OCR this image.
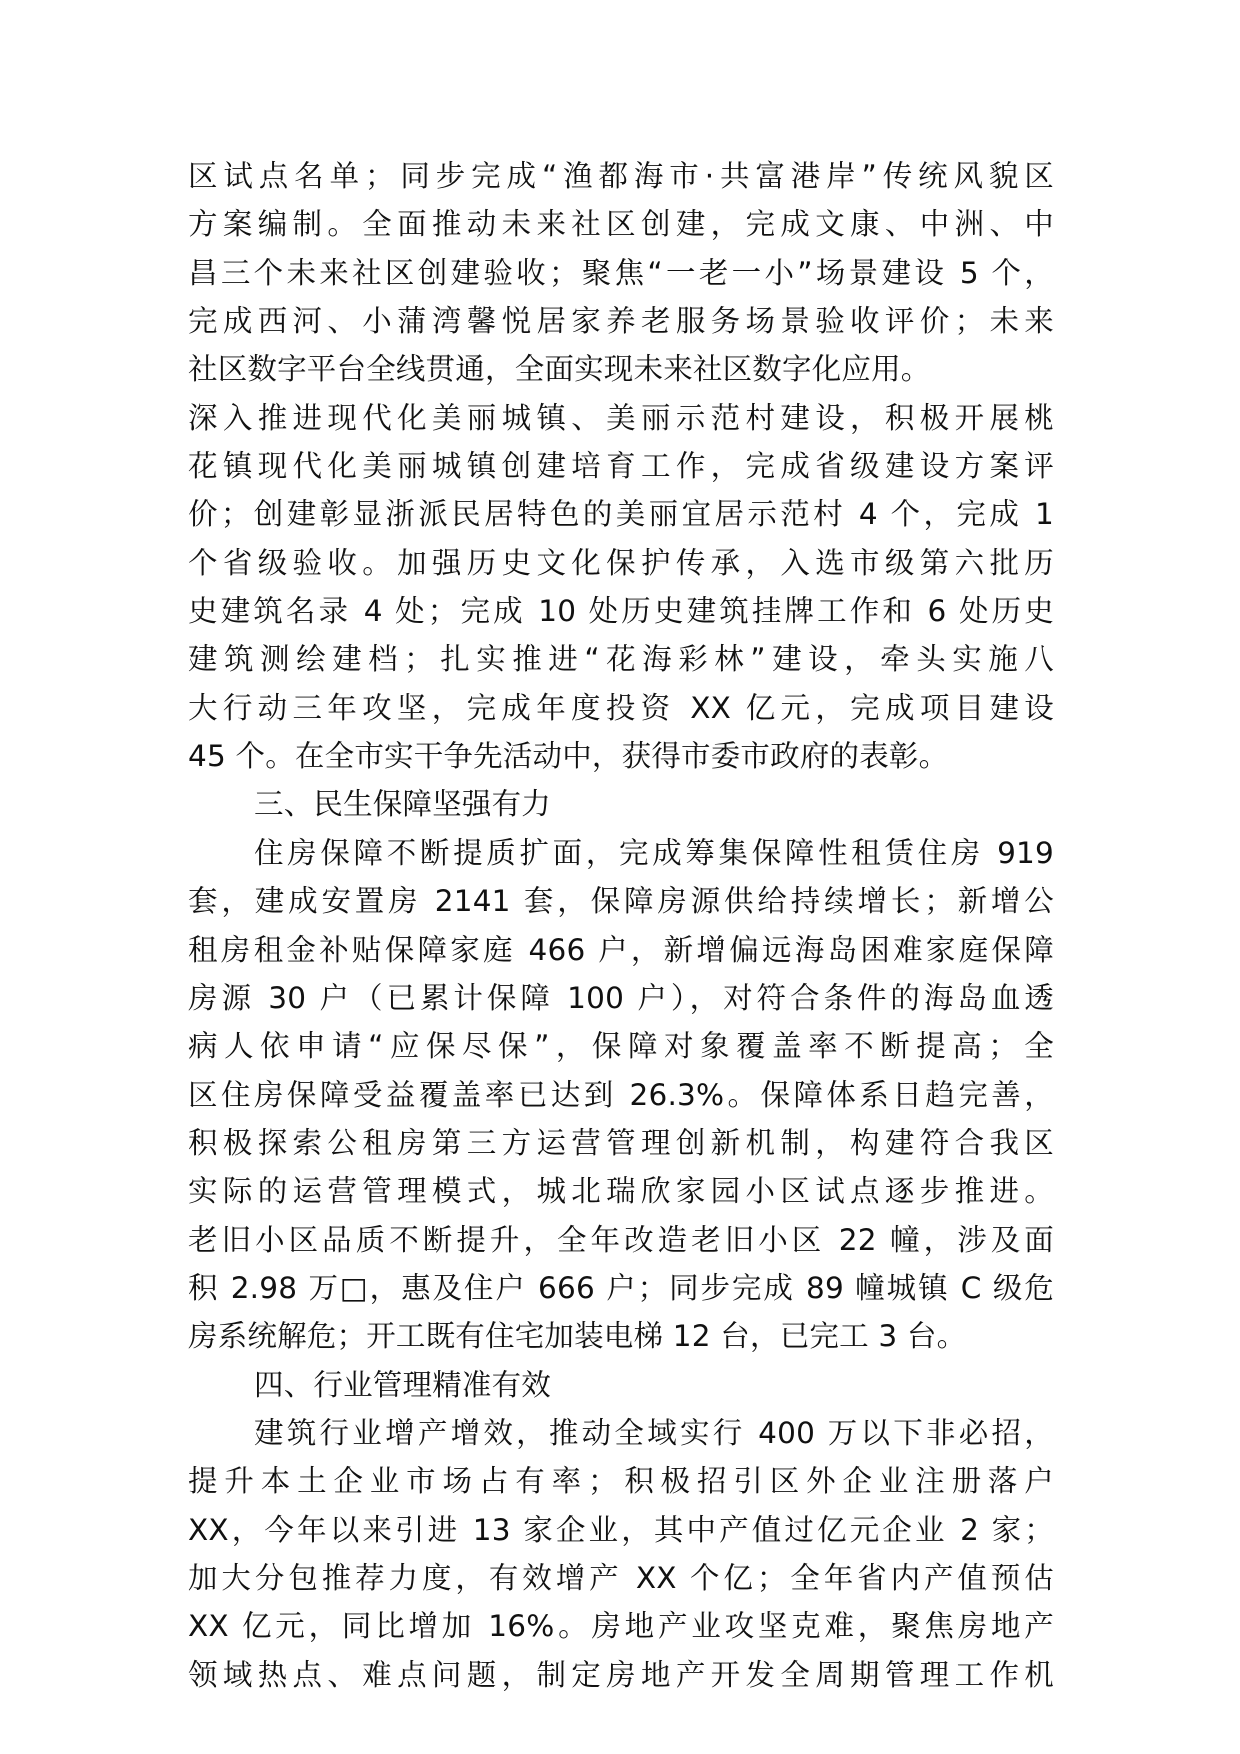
区试点名单；同步完成“渔都海市·共富港岸”传统风貌区
方案编制。全面推动未来社区创建，完成文康、中洲、中
昌三个未来社区创建验收；聚焦“一老一小”场景建设 5 个，
完成西河、小蒲湾馨悦居家养老服务场景验收评价；未来
社区数字平台全线贯通，全面实现未来社区数字化应用。
深入推进现代化美丽城镇、美丽示范村建设，积极开展桃
花镇现代化美丽城镇创建培育工作，完成省级建设方案评
价；创建彰显浙派民居特色的美丽宜居示范村 4 个，完成 1
个省级验收。加强历史文化保护传承，入选市级第六批历
史建筑名录 4 处；完成 10 处历史建筑挂牌工作和 6 处历史
建筑测绘建档；扎实推进“花海彩林”建设，牵头实施八
大行动三年攻坚，完成年度投资 XX 亿元，完成项目建设
45 个。在全市实干争先活动中，获得市委市政府的表彰。
三、民生保障坚强有力
住房保障不断提质扩面，完成筹集保障性租赁住房 919
套，建成安置房 2141 套，保障房源供给持续增长；新增公
租房租金补贴保障家庭 466 户，新增偏远海岛困难家庭保障
房源 30 户（已累计保障 100 户），对符合条件的海岛血透
病人依申请“应保尽保”，保障对象覆盖率不断提高；全
区住房保障受益覆盖率已达到 26.3%。保障体系日趋完善，
积极探索公租房第三方运营管理创新机制，构建符合我区
实际的运营管理模式，城北瑞欣家园小区试点逐步推进。
老旧小区品质不断提升，全年改造老旧小区 22 幢，涉及面
积 2.98 万□，惠及住户 666 户；同步完成 89 幢城镇 C 级危
房系统解危；开工既有住宅加装电梯 12 台，已完工 3 台。
四、行业管理精准有效
建筑行业增产增效，推动全域实行 400 万以下非必招，
提升本土企业市场占有率；积极招引区外企业注册落户
XX，今年以来引进 13 家企业，其中产值过亿元企业 2 家；
加大分包推荐力度，有效增产 XX 个亿；全年省内产值预估
XX 亿元，同比增加 16%。房地产业攻坚克难，聚焦房地产
领域热点、难点问题，制定房地产开发全周期管理工作机
